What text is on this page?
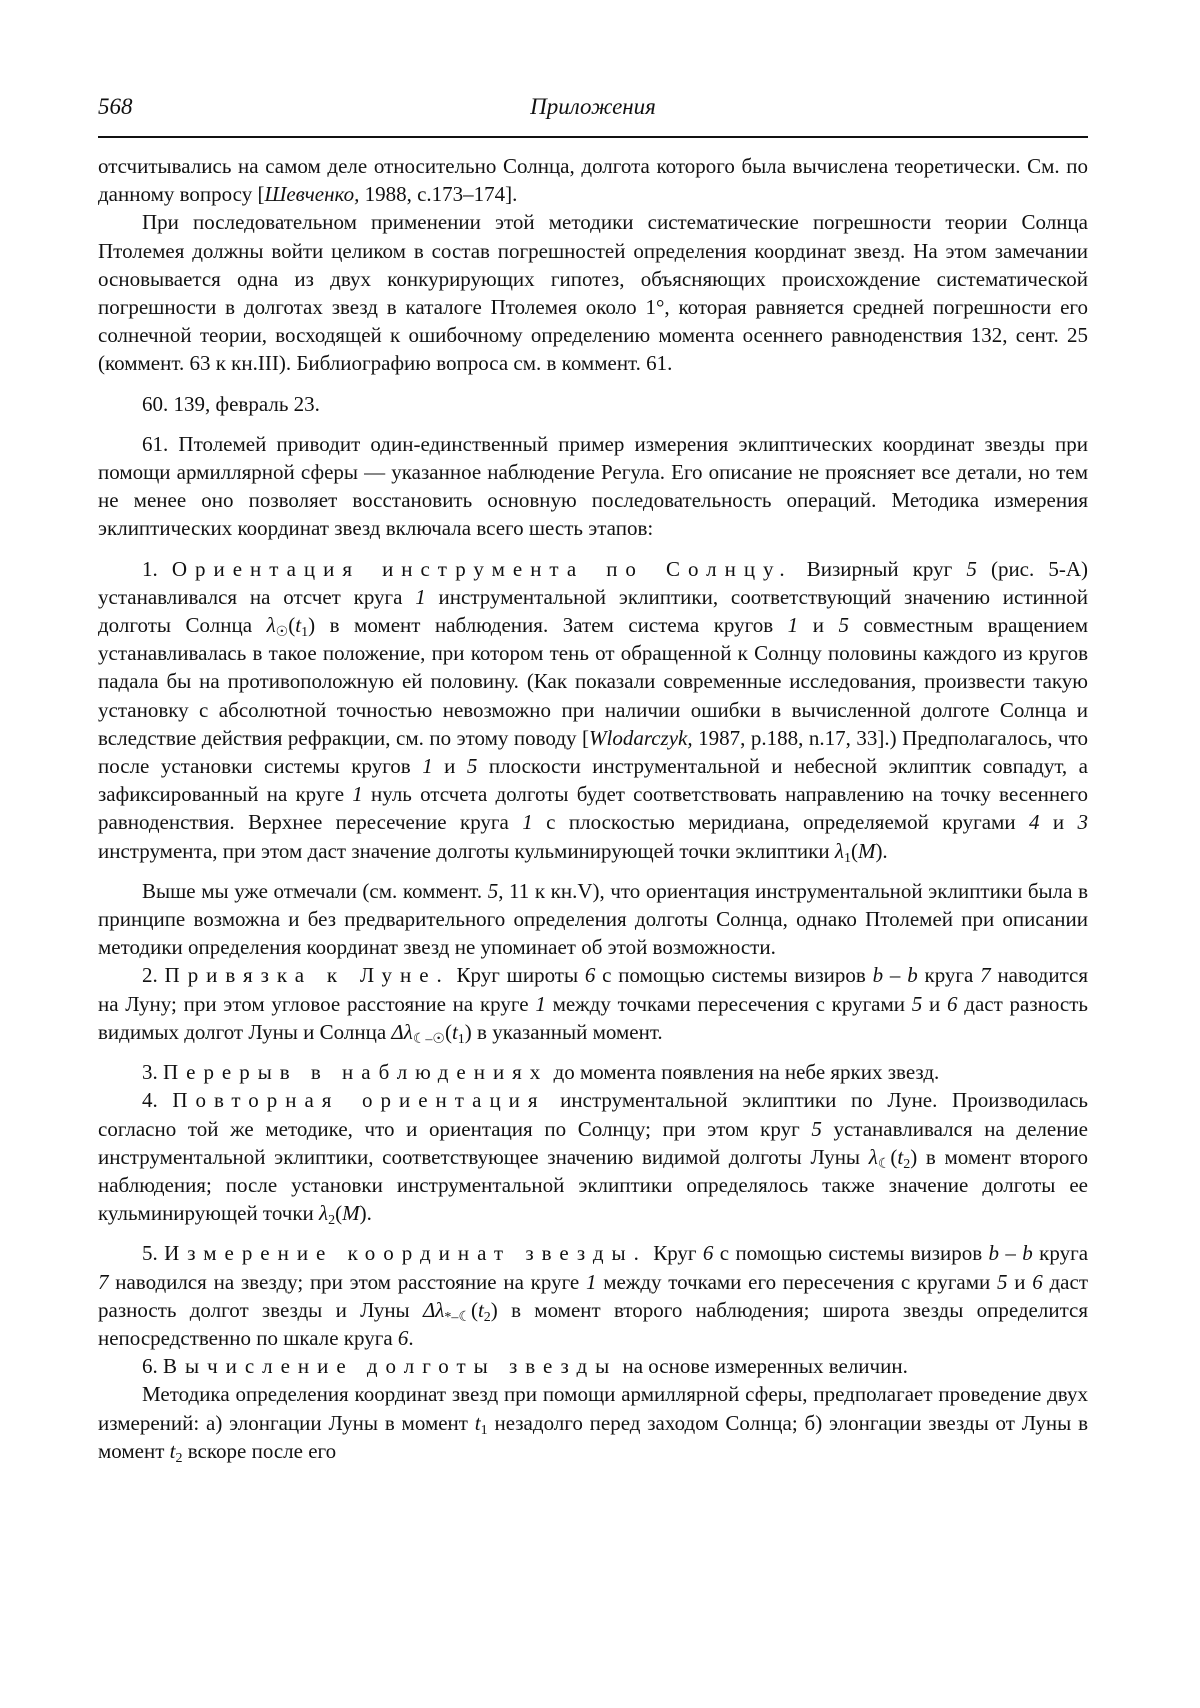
568	Приложения

отсчитывались на самом деле относительно Солнца, долгота которого была вычислена теоретически. См. по данному вопросу [Шевченко, 1988, с.173–174].

При последовательном применении этой методики систематические погрешности теории Солнца Птолемея должны войти целиком в состав погрешностей определения координат звезд. На этом замечании основывается одна из двух конкурирующих гипотез, объясняющих происхождение систематической погрешности в долготах звезд в каталоге Птолемея около 1°, которая равняется средней погрешности его солнечной теории, восходящей к ошибочному определению момента осеннего равноденствия 132, сент. 25 (коммент. 63 к кн.III). Библиографию вопроса см. в коммент. 61.

60. 139, февраль 23.

61. Птолемей приводит один-единственный пример измерения эклиптических координат звезды при помощи армиллярной сферы — указанное наблюдение Регула. Его описание не проясняет все детали, но тем не менее оно позволяет восстановить основную последовательность операций. Методика измерения эклиптических координат звезд включала всего шесть этапов:

1. Ориентация инструмента по Солнцу. Визирный круг 5 (рис. 5-А) устанавливался на отсчет круга 1 инструментальной эклиптики, соответствующий значению истинной долготы Солнца $\lambda_☉(t_1)$ в момент наблюдения. Затем система кругов 1 и 5 совместным вращением устанавливалась в такое положение, при котором тень от обращенной к Солнцу половины каждого из кругов падала бы на противоположную ей половину. (Как показали современные исследования, произвести такую установку с абсолютной точностью невозможно при наличии ошибки в вычисленной долготе Солнца и вследствие действия рефракции, см. по этому поводу [Wlodarczyk, 1987, p.188, n.17, 33].) Предполагалось, что после установки системы кругов 1 и 5 плоскости инструментальной и небесной эклиптик совпадут, а зафиксированный на круге 1 нуль отсчета долготы будет соответствовать направлению на точку весеннего равноденствия. Верхнее пересечение круга 1 с плоскостью меридиана, определяемой кругами 4 и 3 инструмента, при этом даст значение долготы кульминирующей точки эклиптики $\lambda_1(M)$.

Выше мы уже отмечали (см. коммент. 5, 11 к кн.V), что ориентация инструментальной эклиптики была в принципе возможна и без предварительного определения долготы Солнца, однако Птолемей при описании методики определения координат звезд не упоминает об этой возможности.

2. Привязка к Луне. Круг широты 6 с помощью системы визиров b – b круга 7 наводится на Луну; при этом угловое расстояние на круге 1 между точками пересечения с кругами 5 и 6 даст разность видимых долгот Луны и Солнца $\Delta\lambda_{☾-☉}(t_1)$ в указанный момент.

3. Перерыв в наблюдениях до момента появления на небе ярких звезд.

4. Повторная ориентация инструментальной эклиптики по Луне. Производилась согласно той же методике, что и ориентация по Солнцу; при этом круг 5 устанавливался на деление инструментальной эклиптики, соответствующее значению видимой долготы Луны $\lambda_☾(t_2)$ в момент второго наблюдения; после установки инструментальной эклиптики определялось также значение долготы ее кульминирующей точки $\lambda_2(M)$.

5. Измерение координат звезды. Круг 6 с помощью системы визиров b – b круга 7 наводился на звезду; при этом расстояние на круге 1 между точками его пересечения с кругами 5 и 6 даст разность долгот звезды и Луны $\Delta\lambda_{*-☾}(t_2)$ в момент второго наблюдения; широта звезды определится непосредственно по шкале круга 6.

6. Вычисление долготы звезды на основе измеренных величин.

Методика определения координат звезд при помощи армиллярной сферы, предполагает проведение двух измерений: а) элонгации Луны в момент $t_1$ незадолго перед заходом Солнца; б) элонгации звезды от Луны в момент $t_2$ вскоре после его
